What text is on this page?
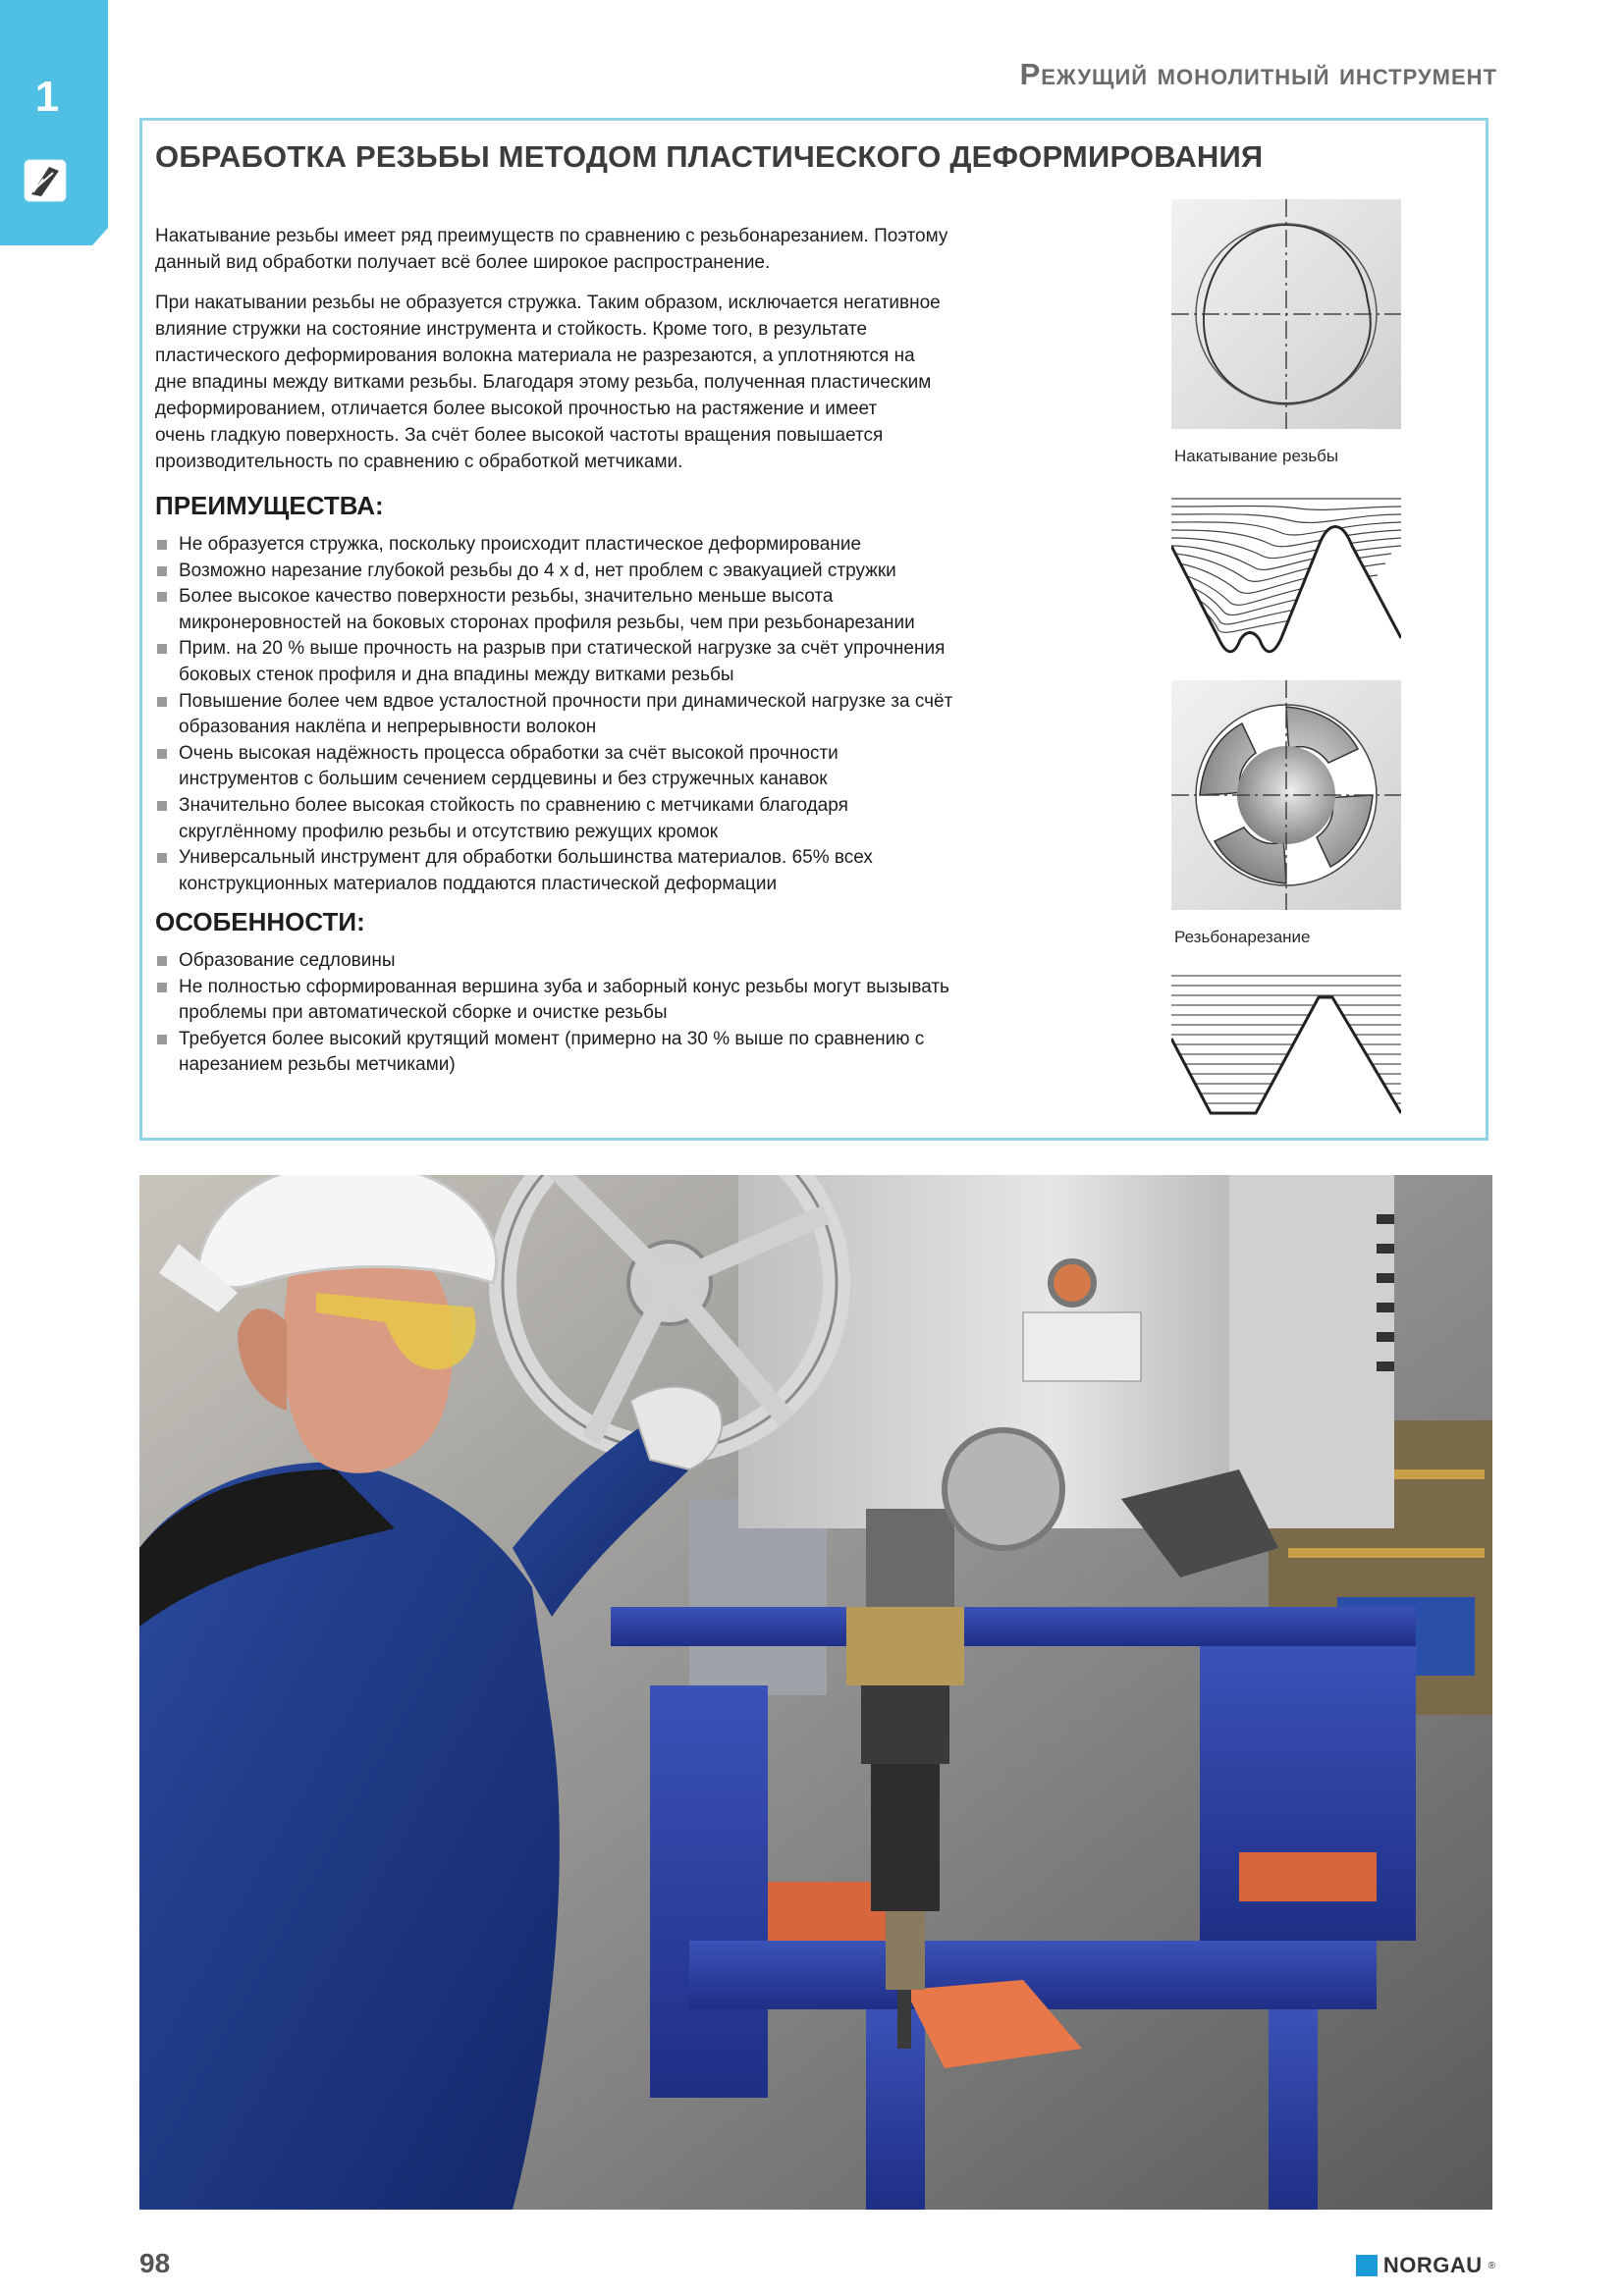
1	Режущий монолитный инструмент
ОБРАБОТКА РЕЗЬБЫ МЕТОДОМ ПЛАСТИЧЕСКОГО ДЕФОРМИРОВАНИЯ
Накатывание резьбы имеет ряд преимуществ по сравнению с резьбонарезанием. Поэтому
данный вид обработки получает всё более широкое распространение.
При накатывании резьбы не образуется стружка. Таким образом, исключается негативное
влияние стружки на состояние инструмента и стойкость. Кроме того, в результате
пластического деформирования волокна материала не разрезаются, а уплотняются на
дне впадины между витками резьбы. Благодаря этому резьба, полученная пластическим
деформированием, отличается более высокой прочностью на растяжение и имеет
очень гладкую поверхность. За счёт более высокой частоты вращения повышается
производительность по сравнению с обработкой метчиками.
ПРЕИМУЩЕСТВА:
Не образуется стружка, поскольку происходит пластическое деформирование
Возможно нарезание глубокой резьбы до 4 x d, нет проблем с эвакуацией стружки
Более высокое качество поверхности резьбы, значительно меньше высота
микронеровностей на боковых сторонах профиля резьбы, чем при резьбонарезании
Прим. на 20 % выше прочность на разрыв при статической нагрузке за счёт упрочнения
боковых стенок профиля и дна впадины между витками резьбы
Повышение более чем вдвое усталостной прочности при динамической нагрузке за счёт
образования наклёпа и непрерывности волокон
Очень высокая надёжность процесса обработки за счёт высокой прочности
инструментов с большим сечением сердцевины и без стружечных канавок
Значительно более высокая стойкость по сравнению с метчиками благодаря
скруглённому профилю резьбы и отсутствию режущих кромок
Универсальный инструмент для обработки большинства материалов. 65% всех
конструкционных материалов поддаются пластической деформации
ОСОБЕННОСТИ:
Образование седловины
Не полностью сформированная вершина зуба и заборный конус резьбы могут вызывать
проблемы при автоматической сборке и очистке резьбы
Требуется более высокий крутящий момент (примерно на 30 % выше по сравнению с
нарезанием резьбы метчиками)
Накатывание резьбы
Резьбонарезание
98	NORGAU ®
